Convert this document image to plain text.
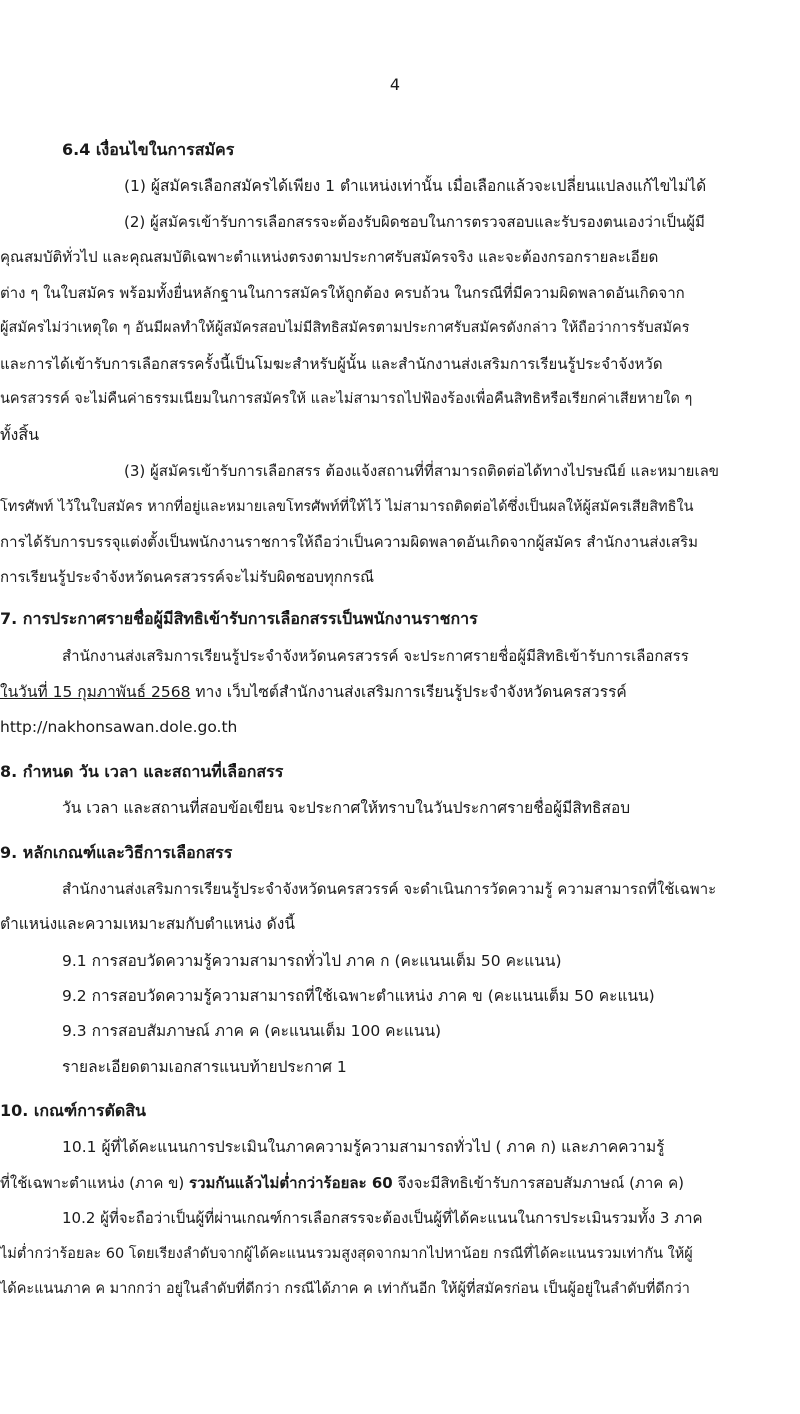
4
6.4 เงื่อนไขในการสมัคร
(1) ผู้สมัครเลือกสมัครได้เพียง 1 ตำแหน่งเท่านั้น เมื่อเลือกแล้วจะเปลี่ยนแปลงแก้ไขไม่ได้
(2) ผู้สมัครเข้ารับการเลือกสรรจะต้องรับผิดชอบในการตรวจสอบและรับรองตนเองว่าเป็นผู้มี
คุณสมบัติทั่วไป และคุณสมบัติเฉพาะตำแหน่งตรงตามประกาศรับสมัครจริง และจะต้องกรอกรายละเอียด
ต่าง ๆ ในใบสมัคร พร้อมทั้งยื่นหลักฐานในการสมัครให้ถูกต้อง ครบถ้วน ในกรณีที่มีความผิดพลาดอันเกิดจาก
ผู้สมัครไม่ว่าเหตุใด ๆ อันมีผลทำให้ผู้สมัครสอบไม่มีสิทธิสมัครตามประกาศรับสมัครดังกล่าว ให้ถือว่าการรับสมัคร
และการได้เข้ารับการเลือกสรรครั้งนี้เป็นโมฆะสำหรับผู้นั้น และสำนักงานส่งเสริมการเรียนรู้ประจำจังหวัด
นครสวรรค์ จะไม่คืนค่าธรรมเนียมในการสมัครให้ และไม่สามารถไปฟ้องร้องเพื่อคืนสิทธิหรือเรียกค่าเสียหายใด ๆ
ทั้งสิ้น
(3) ผู้สมัครเข้ารับการเลือกสรร ต้องแจ้งสถานที่ที่สามารถติดต่อได้ทางไปรษณีย์ และหมายเลข
โทรศัพท์ ไว้ในใบสมัคร หากที่อยู่และหมายเลขโทรศัพท์ที่ให้ไว้ ไม่สามารถติดต่อได้ซึ่งเป็นผลให้ผู้สมัครเสียสิทธิใน
การได้รับการบรรจุแต่งตั้งเป็นพนักงานราชการให้ถือว่าเป็นความผิดพลาดอันเกิดจากผู้สมัคร สำนักงานส่งเสริม
การเรียนรู้ประจำจังหวัดนครสวรรค์จะไม่รับผิดชอบทุกกรณี
7. การประกาศรายชื่อผู้มีสิทธิเข้ารับการเลือกสรรเป็นพนักงานราชการ
สำนักงานส่งเสริมการเรียนรู้ประจำจังหวัดนครสวรรค์ จะประกาศรายชื่อผู้มีสิทธิเข้ารับการเลือกสรร
ในวันที่ 15 กุมภาพันธ์ 2568 ทาง เว็บไซต์สำนักงานส่งเสริมการเรียนรู้ประจำจังหวัดนครสวรรค์
http://nakhonsawan.dole.go.th
8. กำหนด วัน เวลา และสถานที่เลือกสรร
วัน เวลา และสถานที่สอบข้อเขียน จะประกาศให้ทราบในวันประกาศรายชื่อผู้มีสิทธิสอบ
9. หลักเกณฑ์และวิธีการเลือกสรร
สำนักงานส่งเสริมการเรียนรู้ประจำจังหวัดนครสวรรค์ จะดำเนินการวัดความรู้ ความสามารถที่ใช้เฉพาะ
ตำแหน่งและความเหมาะสมกับตำแหน่ง ดังนี้
9.1 การสอบวัดความรู้ความสามารถทั่วไป ภาค ก (คะแนนเต็ม 50 คะแนน)
9.2 การสอบวัดความรู้ความสามารถที่ใช้เฉพาะตำแหน่ง ภาค ข (คะแนนเต็ม 50 คะแนน)
9.3 การสอบสัมภาษณ์ ภาค ค (คะแนนเต็ม 100 คะแนน)
รายละเอียดตามเอกสารแนบท้ายประกาศ 1
10. เกณฑ์การตัดสิน
10.1 ผู้ที่ได้คะแนนการประเมินในภาคความรู้ความสามารถทั่วไป ( ภาค ก) และภาคความรู้
ที่ใช้เฉพาะตำแหน่ง (ภาค ข) รวมกันแล้วไม่ต่ำกว่าร้อยละ 60 จึงจะมีสิทธิเข้ารับการสอบสัมภาษณ์ (ภาค ค)
10.2 ผู้ที่จะถือว่าเป็นผู้ที่ผ่านเกณฑ์การเลือกสรรจะต้องเป็นผู้ที่ได้คะแนนในการประเมินรวมทั้ง 3 ภาค
ไม่ต่ำกว่าร้อยละ 60 โดยเรียงลำดับจากผู้ได้คะแนนรวมสูงสุดจากมากไปหาน้อย กรณีที่ได้คะแนนรวมเท่ากัน ให้ผู้
ได้คะแนนภาค ค มากกว่า อยู่ในลำดับที่ดีกว่า กรณีได้ภาค ค เท่ากันอีก ให้ผู้ที่สมัครก่อน เป็นผู้อยู่ในลำดับที่ดีกว่า
